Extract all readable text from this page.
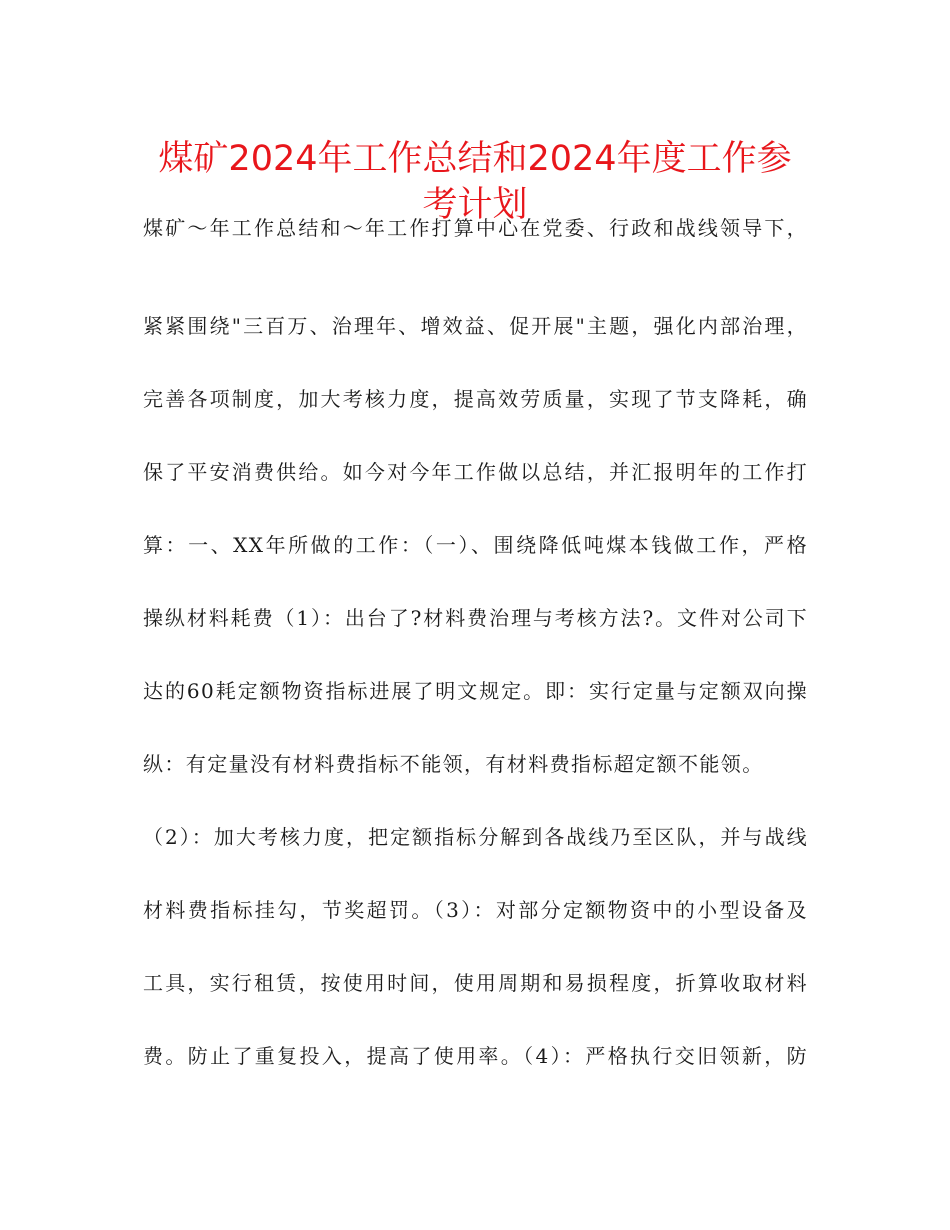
煤矿2024年工作总结和2024年度工作参
考计划

煤矿～年工作总结和～年工作打算中心在党委、行政和战线领导下，

紧紧围绕"三百万、治理年、增效益、促开展"主题，强化内部治理，

完善各项制度，加大考核力度，提高效劳质量，实现了节支降耗，确

保了平安消费供给。如今对今年工作做以总结，并汇报明年的工作打

算：一、XX年所做的工作：（一）、围绕降低吨煤本钱做工作，严格

操纵材料耗费（1）：出台了?材料费治理与考核方法?。文件对公司下

达的60耗定额物资指标进展了明文规定。即：实行定量与定额双向操

纵：有定量没有材料费指标不能领，有材料费指标超定额不能领。

（2）：加大考核力度，把定额指标分解到各战线乃至区队，并与战线

材料费指标挂勾，节奖超罚。（3）：对部分定额物资中的小型设备及

工具，实行租赁，按使用时间，使用周期和易损程度，折算收取材料

费。防止了重复投入，提高了使用率。（4）：严格执行交旧领新，防
